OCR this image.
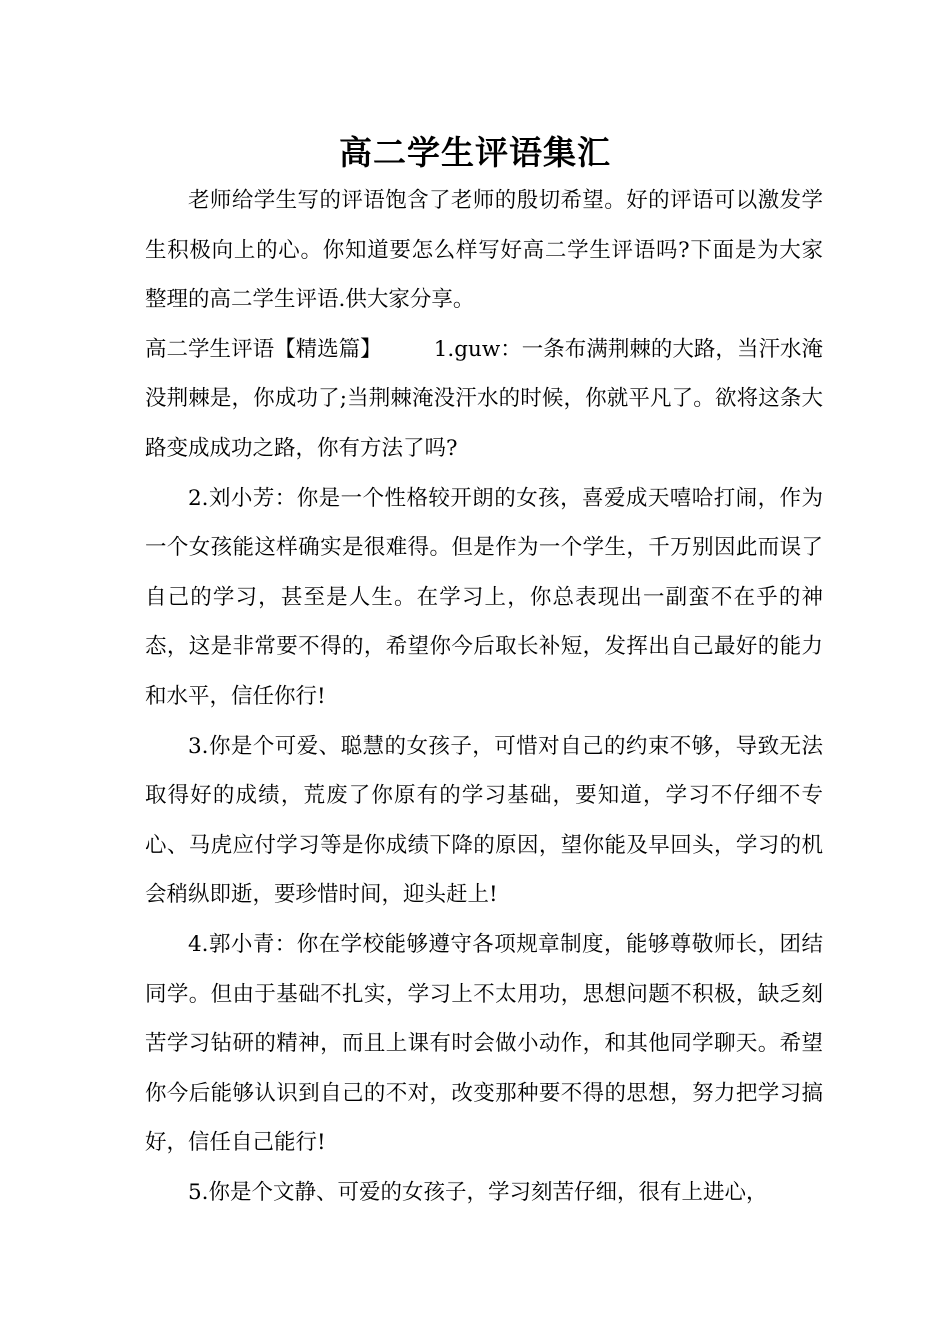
高二学生评语集汇

老师给学生写的评语饱含了老师的殷切希望。好的评语可以激发学生积极向上的心。你知道要怎么样写好高二学生评语吗?下面是为大家整理的高二学生评语.供大家分享。

高二学生评语【精选篇】 1.guw：一条布满荆棘的大路，当汗水淹没荆棘是，你成功了;当荆棘淹没汗水的时候，你就平凡了。欲将这条大路变成成功之路，你有方法了吗?

2.刘小芳：你是一个性格较开朗的女孩，喜爱成天嘻哈打闹，作为一个女孩能这样确实是很难得。但是作为一个学生，千万别因此而误了自己的学习，甚至是人生。在学习上，你总表现出一副蛮不在乎的神态，这是非常要不得的，希望你今后取长补短，发挥出自己最好的能力和水平，信任你行!

3.你是个可爱、聪慧的女孩子，可惜对自己的约束不够，导致无法取得好的成绩，荒废了你原有的学习基础，要知道，学习不仔细不专心、马虎应付学习等是你成绩下降的原因，望你能及早回头，学习的机会稍纵即逝，要珍惜时间，迎头赶上!

4.郭小青：你在学校能够遵守各项规章制度，能够尊敬师长，团结同学。但由于基础不扎实，学习上不太用功，思想问题不积极，缺乏刻苦学习钻研的精神，而且上课有时会做小动作，和其他同学聊天。希望你今后能够认识到自己的不对，改变那种要不得的思想，努力把学习搞好，信任自己能行!

5.你是个文静、可爱的女孩子，学习刻苦仔细，很有上进心，
